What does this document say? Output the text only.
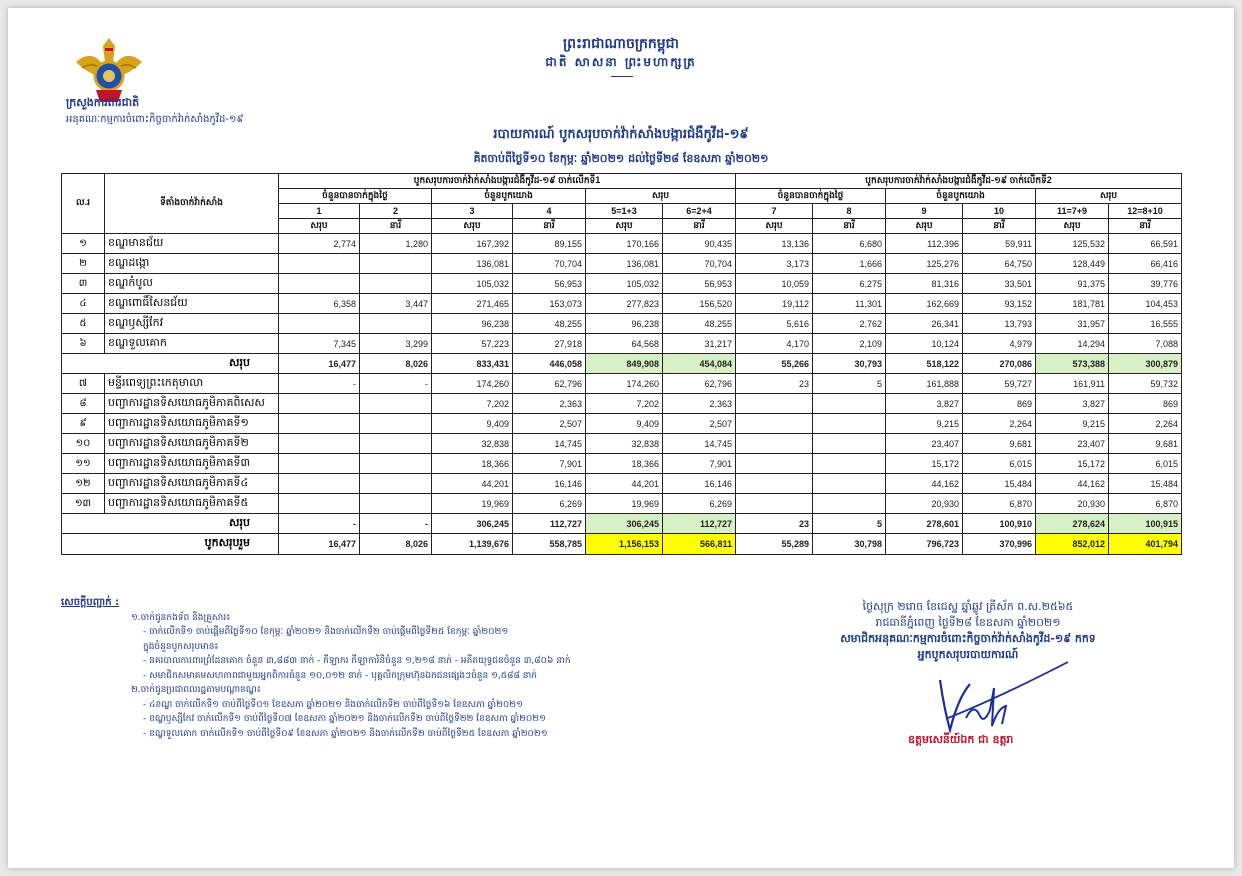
ក្រសួងការពារជាតិ
អនុគណៈកម្មការចំពោះកិច្ចចាក់វ៉ាក់សាំងកូវីដ-១៩
ព្រះរាជាណាចក្រកម្ពុជា
ជាតិ សាសនា ព្រះមហាក្សត្រ
របាយការណ៍ បូកសរុបចាក់វ៉ាក់សាំងបង្ការជំងឺកូវីដ-១៩
គិតចាប់ពីថ្ងៃទី១០ ខែកុម្ភៈ ឆ្នាំ២០២១ ដល់ថ្ងៃទី២៨ ខែឧសភា ឆ្នាំ២០២១
ល.រ	ទីតាំងចាក់វ៉ាក់សាំង	បូកសរុបការចាក់វ៉ាក់សាំងបង្ការជំងឺកូវីដ-១៩ ចាក់លើកទី1						បូកសរុបការចាក់វ៉ាក់សាំងបង្ការជំងឺកូវីដ-១៩ ចាក់លើកទី2					
		ចំនួនបានចាក់ក្នុងថ្ងៃ		ចំនួនបូកយោង		សរុប		ចំនួនបានចាក់ក្នុងថ្ងៃ		ចំនួនបូកយោង		សរុប	
		1	2	3	4	5=1+3	6=2+4	7	8	9	10	11=7+9	12=8+10
		សរុប	នារី	សរុប	នារី	សរុប	នារី	សរុប	នារី	សរុប	នារី	សរុប	នារី
១	ខណ្ឌមានជ័យ	2,774	1,280	167,392	89,155	170,166	90,435	13,136	6,680	112,396	59,911	125,532	66,591
២	ខណ្ឌដង្កោ			136,081	70,704	136,081	70,704	3,173	1,666	125,276	64,750	128,449	66,416
៣	ខណ្ឌកំបូល			105,032	56,953	105,032	56,953	10,059	6,275	81,316	33,501	91,375	39,776
៤	ខណ្ឌពោធិ៍សែនជ័យ	6,358	3,447	271,465	153,073	277,823	156,520	19,112	11,301	162,669	93,152	181,781	104,453
៥	ខណ្ឌឫស្សីកែវ			96,238	48,255	96,238	48,255	5,616	2,762	26,341	13,793	31,957	16,555
៦	ខណ្ឌទួលគោក	7,345	3,299	57,223	27,918	64,568	31,217	4,170	2,109	10,124	4,979	14,294	7,088
សរុប		16,477	8,026	833,431	446,058	849,908	454,084	55,266	30,793	518,122	270,086	573,388	300,879
៧	មន្ទីរពេទ្យព្រះកេតុមាលា	-	-	174,260	62,796	174,260	62,796	23	5	161,888	59,727	161,911	59,732
៨	បញ្ជាការដ្ឋានទិសយោធភូមិភាគពិសេស			7,202	2,363	7,202	2,363			3,827	869	3,827	869
៩	បញ្ជាការដ្ឋានទិសយោធភូមិភាគទី១			9,409	2,507	9,409	2,507			9,215	2,264	9,215	2,264
១០	បញ្ជាការដ្ឋានទិសយោធភូមិភាគទី២			32,838	14,745	32,838	14,745			23,407	9,681	23,407	9,681
១១	បញ្ជាការដ្ឋានទិសយោធភូមិភាគទី៣			18,366	7,901	18,366	7,901			15,172	6,015	15,172	6,015
១២	បញ្ជាការដ្ឋានទិសយោធភូមិភាគទី៤			44,201	16,146	44,201	16,146			44,162	15,484	44,162	15,484
១៣	បញ្ជាការដ្ឋានទិសយោធភូមិភាគទី៥			19,969	6,269	19,969	6,269			20,930	6,870	20,930	6,870
សរុប		-	-	306,245	112,727	306,245	112,727	23	5	278,601	100,910	278,624	100,915
បូកសរុបរួម		16,477	8,026	1,139,676	558,785	1,156,153	566,811	55,289	30,798	796,723	370,996	852,012	401,794
សេចក្តីបញ្ជាក់ :
១.ចាក់ជូនកងទ័ព និងគ្រួសារ៖
- ចាក់លើកទី១ ចាប់ផ្តើមពីថ្ងៃទី១០ ខែកុម្ភៈ ឆ្នាំ២០២១ និងចាក់លើកទី២ ចាប់ផ្តើមពីថ្ងៃទី២៥ ខែកុម្ភៈ ឆ្នាំ២០២១
ក្នុងចំនួនបូកសរុបមាន៖
- នគរបាលការពារព្រំដែនគោក ចំនួន ៣,៨៨៣ នាក់ - កីឡាករ កីឡាការិនីចំនួន ១,២១៨ នាក់ - អតីតយុទ្ធជនចំនួន ៣,៨០៦ នាក់
- សមាជិកសមាគមសហភាពជាមួយអ្នកពិការចំនួន ១០,០១២ នាក់ - បុគ្គលិកក្រុមហ៊ុនឯកជនផ្សេងៗចំនួន ១,៥៨៨ នាក់
២.ចាក់ជូនប្រជាពលរដ្ឋតាមបណ្តាខណ្ឌ៖
- ៤ខណ្ឌ ចាក់លើកទី១ ចាប់ពីថ្ងៃទី០១ ខែឧសភា ឆ្នាំ២០២១ និងចាក់លើកទី២ ចាប់ពីថ្ងៃទី១៦ ខែឧសភា ឆ្នាំ២០២១
- ខណ្ឌឫស្សីកែវ ចាក់លើកទី១ ចាប់ពីថ្ងៃទី០៧ ខែឧសភា ឆ្នាំ២០២១ និងចាក់លើកទី២ ចាប់ពីថ្ងៃទី២២ ខែឧសភា ឆ្នាំ២០២១
- ខណ្ឌទួលគោក ចាក់លើកទី១ ចាប់ពីថ្ងៃទី០៩ ខែឧសភា ឆ្នាំ២០២១ និងចាក់លើកទី២ ចាប់ពីថ្ងៃទី២៥ ខែឧសភា ឆ្នាំ២០២១
ថ្ងៃសុក្រ ២រោច ខែជេស្ឋ ឆ្នាំឆ្លូវ ត្រីស័ក ព.ស.២៥៦៥
រាជធានីភ្នំពេញ ថ្ងៃទី២៨ ខែឧសភា ឆ្នាំ២០២១
សមាជិកអនុគណៈកម្មការចំពោះកិច្ចចាក់វ៉ាក់សាំងកូវីដ-១៩ កកទ
អ្នកបូកសរុបរបាយការណ៍
ឧត្តមសេនីយ៍ឯក ជា ឧត្តរា
